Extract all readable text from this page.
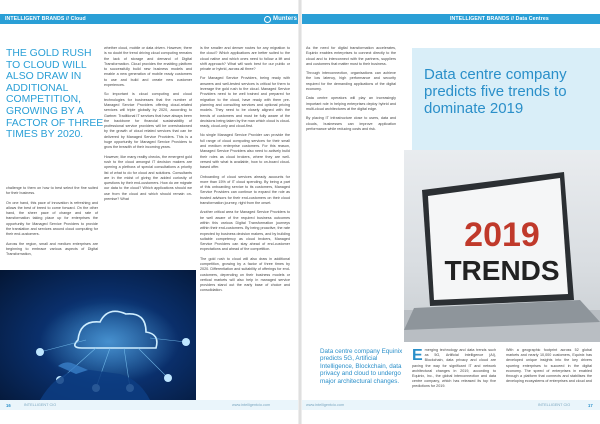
INTELLIGENT BRANDS // Cloud	Munters
THE GOLD RUSH TO CLOUD WILL ALSO DRAW IN ADDITIONAL COMPETITION, GROWING BY A FACTOR OF THREE TIMES BY 2020.

challenge to them on how to best select the fine suited for their business.

On one hand, this pace of innovation is refreshing and allows the best of breed to come forward. On the other hand, the sheer pace of change and rate of transformation taking place up for enterprises the opportunity for Managed Service Providers to provide the translation and services around cloud computing for their end-customers.

Across the region, small and medium enterprises are beginning to embrace various aspects of Digital Transformation,

whether cloud, mobile or data driven. However, there is no doubt the trend driving cloud computing remains the lack of storage and demand of Digital Transformation. Cloud provides the enabling platform to successfully build new business models and enable a new generation of mobile ready customers to use and build and create new customer experiences.

So important is cloud computing and cloud technologies for businesses that the number of Managed Service Providers offering cloud-related services will triple globally by 2020, according to Gartner. Traditional IT services that have always been the backbone for financial sustainability of professional service providers will be overshadowed by the growth of cloud related services that can be delivered by Managed Service Providers. This is a huge opportunity for Managed Service Providers to grow the breadth of their incoming years.

However, like many reality checks, the emergent gold rush to the cloud amongst IT decision makers are opening a plethora of special consultations a priority list of what to do for cloud and solutions. Consultants are in the midst of giving the added curiosity of questions by their end-customers. How do we migrate our data to the cloud? Which applications should we use from the cloud and which should remain on-premise? What

is the smaller and denser routes for any migration to the cloud? Which applications are better suited to the cloud native and which ones need to follow a lift and shift approach? What will work best for our public or private or hybrid, across all three?

For Managed Service Providers, being ready with answers and well-tested services is critical for them to leverage the gold rush to the cloud. Managed Service Providers need to be well trained and prepared for migration to the cloud, have ready with them pre-planning and consulting services and optional pricing models. They need to be closely aligned with the trends of customers and must be fully aware of the decisions being taken by the man which cloud is cloud-ready, cloud-only and cloud-first.

No single Managed Service Provider can provide the full range of cloud computing services for their small and medium enterprise customers. For this reason, Managed Service Providers also need to actively build their roles as cloud brokers, where they are well-versed with what is available, how to on-board cloud-based offer.

Onboarding of cloud services already accounts for more than 15% of IT cloud spending. By being a part of this onboarding service to its customers, Managed Service Providers can continue to expand the role as trusted advisors for their end-customers on their cloud transformation journey, right from the onset.

Another critical area for Managed Service Providers to be well aware of the required business outcomes within this various Digital Transformation journeys within their end-customers. By being proactive, the rate expected by business decision makers, and by building suitable competency as cloud brokers, Managed Service Providers can stay ahead of end-customer expectations and ahead of the competition.

The gold rush to cloud will also draw in additional competition, growing by a factor of three times by 2020. Differentiation and suitability of offerings for end-customers, depending on their business models or vertical markets will also help in managed service providers stand out the early base of choice and consolidation.

16	INTELLIGENT CIO	www.intelligentcio.com
INTELLIGENT BRANDS // Data Centres

As the need for digital transformation accelerates, Equinix enables enterprises to connect directly to the cloud and to interconnect with the partners, suppliers and customers that matter most to their business.

Through interconnection, organisations can achieve the low latency, high performance and security required for the demanding applications of the digital economy.

Data centre operators will play an increasingly important role in helping enterprises deploy hybrid and multi-cloud architectures at the digital edge.

By placing IT infrastructure close to users, data and clouds, businesses can improve application performance while reducing costs and risk.

Data centre company predicts five trends to dominate 2019
2019
TRENDS
Data centre company Equinix predicts 5G, Artificial Intelligence, Blockchain, data privacy and cloud to undergo major architectural changes.
E merging technology and data trends such as 5G, Artificial Intelligence (AI), Blockchain, data privacy and cloud are paving the way for significant IT and network architectural changes in 2019, according to Equinix, Inc., the global interconnection and data centre company, which has released its top five predictions for 2019.
With a geographic footprint across 52 global markets and nearly 10,000 customers, Equinix has developed unique insights into the key drivers spurring enterprises to succeed in the digital economy. The speed of enterprises in enabled through a platform that connects and stabilises the developing ecosystems of enterprises and cloud and
www.intelligentcio.com	INTELLIGENT CIO	17
